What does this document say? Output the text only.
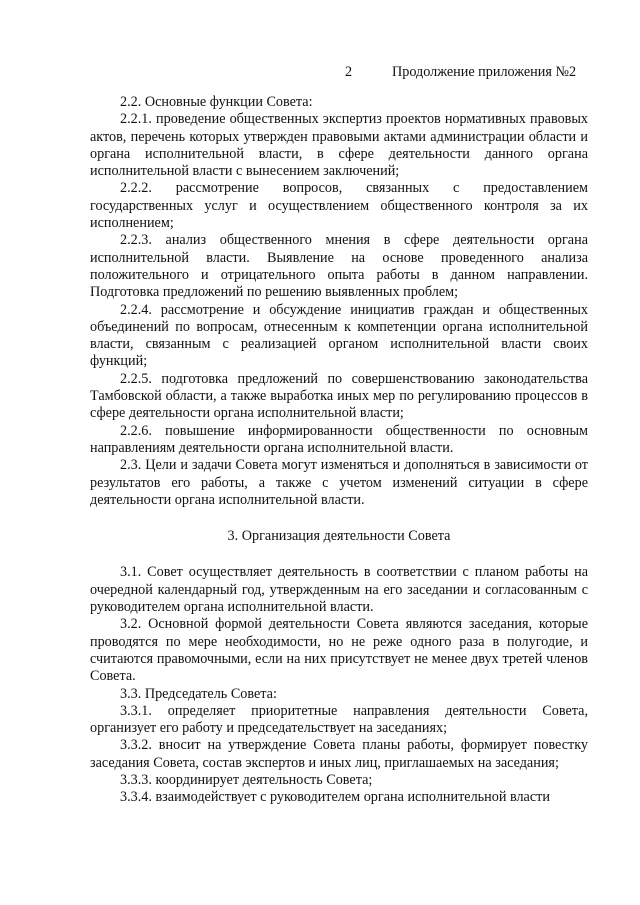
2	Продолжение приложения №2

2.2. Основные функции Совета:

2.2.1. проведение общественных экспертиз проектов нормативных правовых актов, перечень которых утвержден правовыми актами администрации области и органа исполнительной власти, в сфере деятельности данного органа исполнительной власти с вынесением заключений;

2.2.2. рассмотрение вопросов, связанных с предоставлением государственных услуг и осуществлением общественного контроля за их исполнением;

2.2.3. анализ общественного мнения в сфере деятельности органа исполнительной власти. Выявление на основе проведенного анализа положительного и отрицательного опыта работы в данном направлении. Подготовка предложений по решению выявленных проблем;

2.2.4. рассмотрение и обсуждение инициатив граждан и общественных объединений по вопросам, отнесенным к компетенции органа исполнительной власти, связанным с реализацией органом исполнительной власти своих функций;

2.2.5. подготовка предложений по совершенствованию законодательства Тамбовской области, а также выработка иных мер по регулированию процессов в сфере деятельности органа исполнительной власти;

2.2.6. повышение информированности общественности по основным направлениям деятельности органа исполнительной власти.

2.3. Цели и задачи Совета могут изменяться и дополняться в зависимости от результатов его работы, а также с учетом изменений ситуации в сфере деятельности органа исполнительной власти.

3. Организация деятельности Совета

3.1. Совет осуществляет деятельность в соответствии с планом работы на очередной календарный год, утвержденным на его заседании и согласованным с руководителем органа исполнительной власти.

3.2. Основной формой деятельности Совета являются заседания, которые проводятся по мере необходимости, но не реже одного раза в полугодие, и считаются правомочными, если на них присутствует не менее двух третей членов Совета.

3.3. Председатель Совета:

3.3.1. определяет приоритетные направления деятельности Совета, организует его работу и председательствует на заседаниях;

3.3.2. вносит на утверждение Совета планы работы, формирует повестку заседания Совета, состав экспертов и иных лиц, приглашаемых на заседания;

3.3.3. координирует деятельность Совета;

3.3.4. взаимодействует с руководителем органа исполнительной власти
